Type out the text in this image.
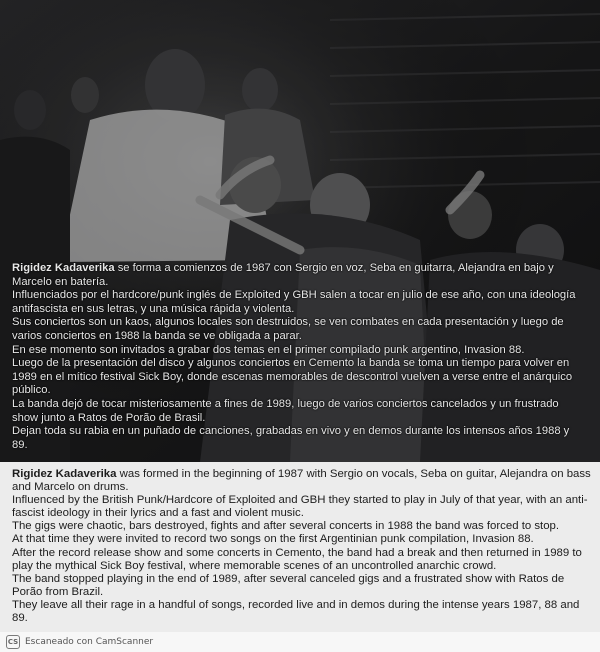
Rigidez Kadaverika se forma a comienzos de 1987 con Sergio en voz, Seba en guitarra, Alejandra en bajo y Marcelo en batería.

Influenciados por el hardcore/punk inglés de Exploited y GBH salen a tocar en julio de ese año, con una ideología antifascista en sus letras, y una música rápida y violenta.

Sus conciertos son un kaos, algunos locales son destruidos, se ven combates en cada presentación y luego de varios conciertos en 1988 la banda se ve obligada a parar.

En ese momento son invitados a grabar dos temas en el primer compilado punk argentino, Invasion 88.

Luego de la presentación del disco y algunos conciertos en Cemento la banda se toma un tiempo para volver en 1989 en el mítico festival Sick Boy, donde escenas memorables de descontrol vuelven a verse entre el anárquico público.

La banda dejó de tocar misteriosamente a fines de 1989, luego de varios conciertos cancelados y un frustrado show junto a Ratos de Porão de Brasil.

Dejan toda su rabia en un puñado de canciones, grabadas en vivo y en demos durante los intensos años 1988 y 89.

Rigidez Kadaverika was formed in the beginning of 1987 with Sergio on vocals, Seba on guitar, Alejandra on bass and Marcelo on drums.

Influenced by the British Punk/Hardcore of Exploited and GBH they started to play in July of that year, with an anti-fascist ideology in their lyrics and a fast and violent music.

The gigs were chaotic, bars destroyed, fights and after several concerts in 1988 the band was forced to stop.

At that time they were invited to record two songs on the first Argentinian punk compilation, Invasion 88.

After the record release show and some concerts in Cemento, the band had a break and then returned in 1989 to play the mythical Sick Boy festival, where memorable scenes of an uncontrolled anarchic crowd.

The band stopped playing in the end of 1989, after several canceled gigs and a frustrated show with Ratos de Porão from Brazil.

They leave all their rage in a handful of songs, recorded live and in demos during the intense years 1987, 88 and 89.

CS Escaneado con CamScanner
